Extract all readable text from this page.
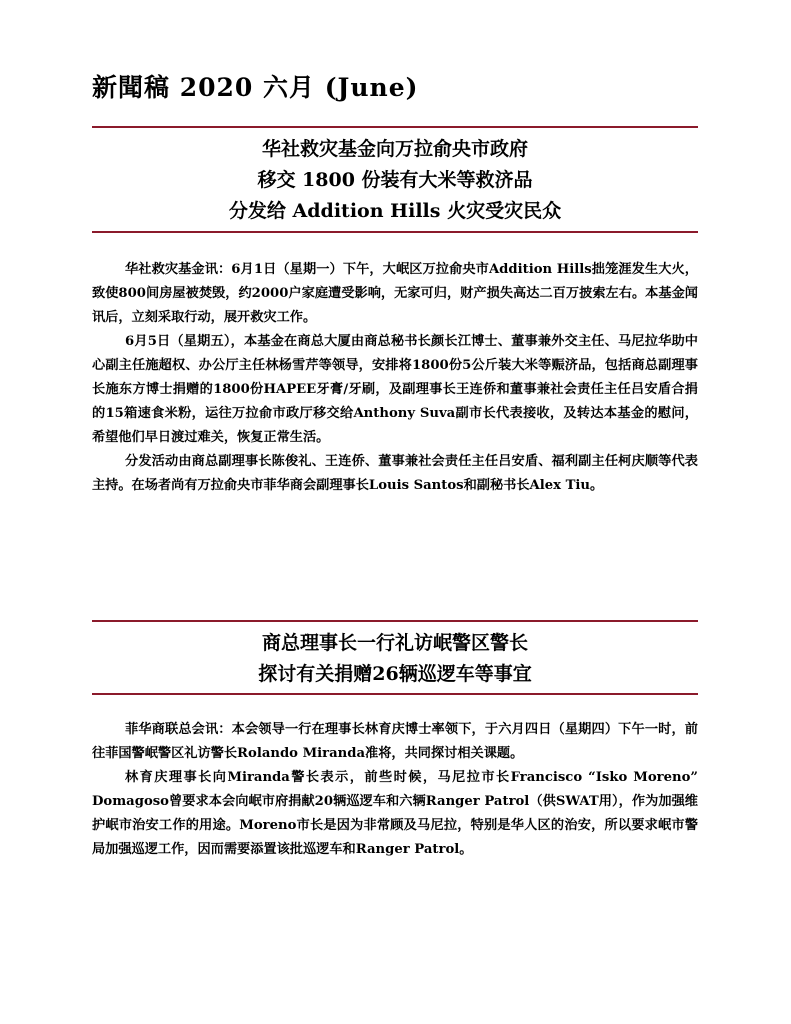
新聞稿 2020 六月 (June)
华社救灾基金向万拉俞央市政府
移交 1800 份装有大米等救济品
分发给 Addition Hills 火灾受灾民众

华社救灾基金讯：6月1日（星期一）下午，大岷区万拉俞央市Addition Hills拙笼涯发生大火，致使800间房屋被焚毁，约2000户家庭遭受影响，无家可归，财产损失高达二百万披索左右。本基金闻讯后，立刻采取行动，展开救灾工作。

6月5日（星期五），本基金在商总大厦由商总秘书长颜长江博士、董事兼外交主任、马尼拉华助中心副主任施超权、办公厅主任林杨雪芹等领导，安排将1800份5公斤装大米等赈济品，包括商总副理事长施东方博士捐赠的1800份HAPEE牙膏/牙刷，及副理事长王连侨和董事兼社会责任主任吕安盾合捐的15箱速食米粉，运往万拉俞市政厅移交给Anthony Suva副市长代表接收，及转达本基金的慰问，希望他们早日渡过难关，恢复正常生活。

分发活动由商总副理事长陈俊礼、王连侨、董事兼社会责任主任吕安盾、福利副主任柯庆顺等代表主持。在场者尚有万拉俞央市菲华商会副理事长Louis Santos和副秘书长Alex Tiu。

商总理事长一行礼访岷警区警长
探讨有关捐赠26辆巡逻车等事宜

菲华商联总会讯：本会领导一行在理事长林育庆博士率领下，于六月四日（星期四）下午一时，前往菲国警岷警区礼访警长Rolando Miranda准将，共同探讨相关课题。

林育庆理事长向Miranda警长表示，前些时候，马尼拉市长Francisco “Isko Moreno” Domagoso曾要求本会向岷市府捐献20辆巡逻车和六辆Ranger Patrol（供SWAT用），作为加强维护岷市治安工作的用途。Moreno市长是因为非常顾及马尼拉，特别是华人区的治安，所以要求岷市警局加强巡逻工作，因而需要添置该批巡逻车和Ranger Patrol。
